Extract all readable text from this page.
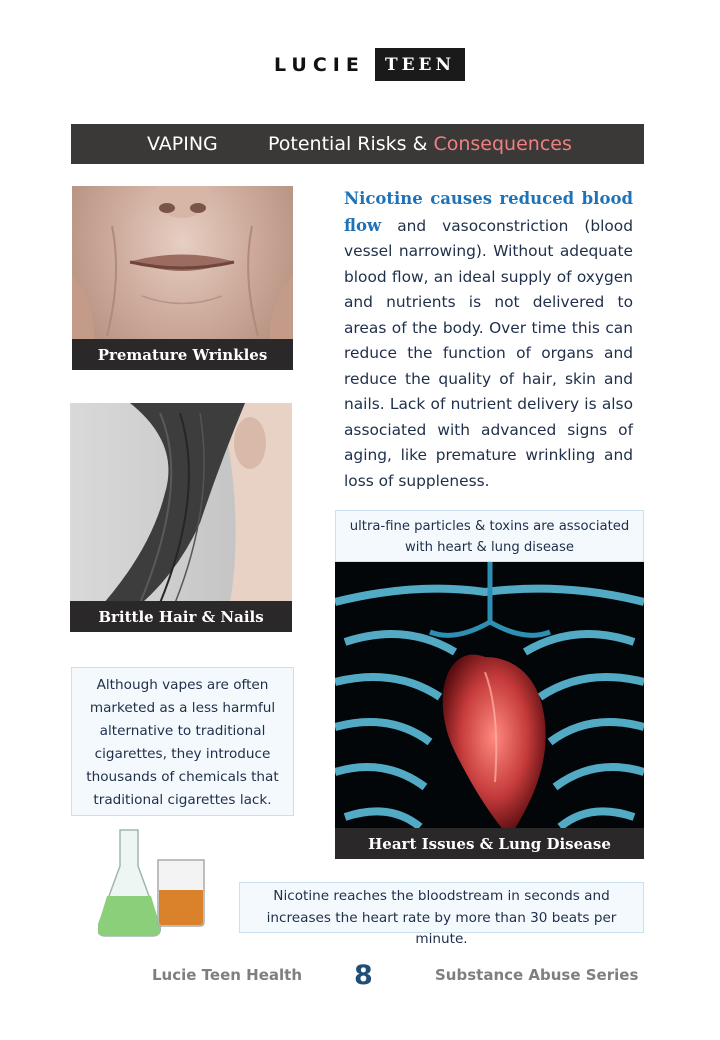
LUCIE	TEEN
VAPING	Potential Risks & Consequences
Premature Wrinkles
Brittle Hair & Nails
Nicotine causes reduced blood flow and vasoconstriction (blood vessel narrowing). Without adequate blood flow, an ideal supply of oxygen and nutrients is not delivered to areas of the body. Over time this can reduce the function of organs and reduce the quality of hair, skin and nails. Lack of nutrient delivery is also associated with advanced signs of aging, like premature wrinkling and loss of suppleness.
ultra-fine particles & toxins are associated with heart & lung disease
Heart Issues & Lung Disease
Although vapes are often marketed as a less harmful alternative to traditional cigarettes, they introduce thousands of chemicals that traditional cigarettes lack.
Nicotine reaches the bloodstream in seconds and increases the heart rate by more than 30 beats per minute.
Lucie Teen Health 8	Substance Abuse Series
